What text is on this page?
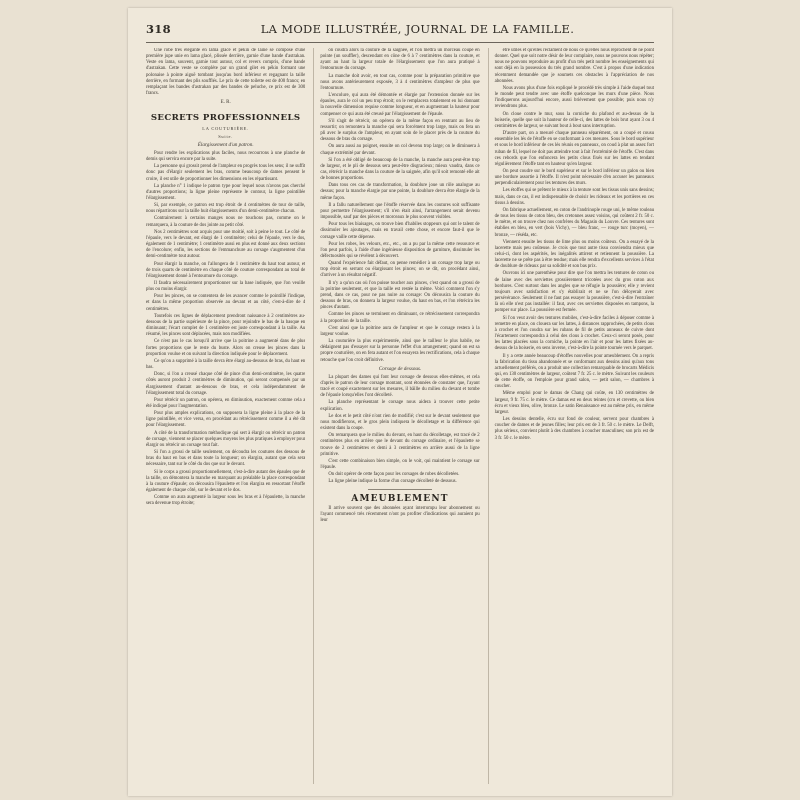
318	LA MODE ILLUSTRÉE, JOURNAL DE LA FAMILLE.

Une robe très élégante en lama glacé et pékin de laine se compose d'une première jupe unie en lama glacé, plissée derrière, garnie d'une bande d'astrakan. Veste en lama, souvent, garnie tout autour, col et revers compris, d'une bande d'astrakan. Cette veste se complète par un grand gilet en pékin formant une polonaise à pointe aiguë tombant jusqu'au bord inférieur et regagnant la taille derrière, en formant des plis soufflés. Le prix de cette toilette est de 400 francs; en remplaçant les bandes d'astrakan par des bandes de peluche, ce prix est de 300 francs.

E. R.
SECRETS PROFESSIONNELS
LA COUTURIÈRE.
Suite.
Élargissement d'un patron.

Pour rendre les explications plus faciles, nous recourrons à une planche de demis qui servira encore par la suite.

La personne qui grossit prend de l'ampleur en progrès tous les sens; il ne suffit donc pas d'élargir seulement les bras, comme beaucoup de dames pensent le croire, il est utile de proportionner les dimensions en les répartissant.

La planche n° 1 indique le patron type pour lequel nous n'avons pas cherché d'autres proportions; la ligne pleine représente le contour, la ligne pointillée l'élargissement.

Si, par exemple, ce patron est trop étroit de 4 centimètres de tour de taille, nous répartirons sur la taille huit élargissements d'un demi-centimètre chacun.

Contrairement à certains manges nous ne touchons pas, comme on le remarquera, à la couture de dos jointe au petit côté.

Nos 2 centimètres sont acquis pour une moitié, soit à peine le tout. Le côté de l'épaule, vers le devant, est élargi de 1 centimètre; celui de l'épaule, vers le dos, également de 1 centimètre; 1 centimètre aussi en plus est donné aux deux sections de l'encolure; enfin, les sections de l'emmanchure au corsage s'augmentent d'un demi-centimètre tout autour.

Pour élargir la manche, on l'allongera de 1 centimètre du haut tout autour, et de trois quarts de centimètre en chaque côté de couture correspondant au total de l'élargissement donné à l'entournure du corsage.

Il faudra nécessairement proportionner sur la base indiquée, que l'on veuille plus ou moins élargir.

Pour les pinces, on se contentera de les avancer comme le pointillé l'indique, et dans la même proportion observée au devant et au côté, c'est-à-dire de 4 centimètres.

Toutefois ces lignes de déplacement prendront naissance à 2 centimètres au-dessous de la partie supérieure de la pince, pour rejoindre le bas de la basque en diminuant; l'écart complet de 1 centimètre est juste correspondant à la taille. Au résumé, les pinces sont déplacées, mais non modifiées.

Ce n'est pas le cas lorsqu'il arrive que la poitrine a augmenté dans de plus fortes proportions que le reste du buste. Alors on creuse les pinces dans la proportion voulue et on suivant la direction indiquée pour le déplacement.

Ce qu'on a supprimé à la taille devra être élargi au-dessous de bras, du haut en bas.

Donc, si l'on a creusé chaque côté de pince d'un demi-centimètre, les quatre côtés auront produit 2 centimètres de diminution, qui seront compensés par un élargissement d'autant au-dessous de bras, et cela indépendamment de l'élargissement total du corsage.

Pour rétrécir un patron, on opérera, en diminution, exactement comme cela a été indiqué pour l'augmentation.

Pour plus amples explications, on supposera la ligne pleine à la place de la ligne pointillée, et vice versa, en procédant au rétrécissement comme il a été dit pour l'élargissement.

A côté de la transformation méthodique qui sert à élargir ou rétrécir un patron de corsage, viennent se placer quelques moyens les plus pratiques à employer pour élargir ou rétrécir un corsage tout fait.

Si l'on a grossi de taille seulement, on découdra les coutures des dessous de bras du haut en bas et dans toute la longueur; on élargira, autant que cela sera nécessaire, tant sur le côté du dos que sur le devant.

Si le corps a grossi proportionnellement, c'est-à-dire autant des épaules que de la taille, on démontera la manche en marquant au préalable la place correspondant à la couture d'épaule; on décousira l'épaulette et l'on élargira en ressortant l'étoffe également de chaque côté, sur le devant et le dos.

Comme on aura augmenté la largeur sous les bras et à l'épaulette, la manche sera devenue trop étroite;

on coudra alors la couture de la saignée, et l'on mettra un morceau coupé en pointe (un souffler), descendant en cône de 6 à 7 centimètres dans la couture, et ayant au haut la largeur totale de l'élargissement que l'on aura pratiqué à l'entournure du corsage.

La manche doit avoir, en tout cas, comme pour la préparation primitive que nous avons antérieurement exposée, 3 à 4 centimètres d'ampleur de plus que l'entournure.

L'encolure, qui aura été démontée et élargie par l'extension donnée sur les épaules, aura le col un peu trop étroit; on le remplacera totalement en lui donnant la nouvelle dimension requise comme longueur, et en augmentant la hauteur pour compenser ce qui aura été creusé par l'élargissement de l'épaule.

S'il s'agit de rétrécir, on opérera de la même façon en rentrant au lieu de ressortir; on remontera la manche qui sera forcément trop large, mais on fera un pli avec le surplus de l'ampleur, en ayant soin de le placer près de la couture du dessous de bras du corsage.

On aura aussi au poignet, ensuite on col devenu trop large; on le diminuera à chaque extrémité par devant.

Si l'on a été obligé de beaucoup de la manche, la manche aura peut-être trop de largeur, et le pli de dessous sera peut-être disgracieux; mieux vaudra, dans ce cas, rétrécir la manche dans la couture de la saignée, afin qu'il soit remonté elle ait de bonnes proportions.

Dans tous ces cas de transformation, la doublure joue un rôle analogue au dessus; pour la manche élargie par une pointe, la doublure devra être élargie de la même façon.

Il a fallu naturellement que l'étoffe réservée dans les coutures soit suffisante pour permettre l'élargissement; s'il n'en était ainsi, l'arrangement serait devenu impossible, sauf par des pièces et morceaux le plus souvent visibles.

Pour tous les biaisages, on trouve bien d'habiles stoppeurs qui ont le talent de dissimuler les ajoutages, mais en travail cette chose, et encore faut-il que le corsage vaille cette dépense.

Pour les robes, les velours, etc., etc., on a pu par la même cette ressource et l'on peut parfois, à l'aide d'une ingénieuse disposition de garniture, dissimuler les défectuosités qui se révèlent à découvert.

Quand l'expérience fait défaut, on pense remédier à un corsage trop large ou trop étroit en serrant ou élargissant les pinces; on se dit, on procédant ainsi, d'arriver à un résultat négatif.

Il n'y a qu'un cas où l'on puisse toucher aux pinces, c'est quand on a grossi de la poitrine seulement, et que la taille est restée la même. Voici comment l'on s'y prend, dans ce cas, pour ne pas nuire au corsage: On décousira la couture du dessous de bras, on donnera la largeur voulue, du haut en bas, et l'on rétrécira les pinces d'autant.

Comme les pinces se terminent en diminuant, ce rétrécissement correspondra à la proportion de la taille.

C'est ainsi que la poitrine aura de l'ampleur et que le corsage restera à la largeur voulue.

La couturière la plus expérimentée, ainsi que le tailleur le plus habile, ne dédaignent pas d'essayer sur la personne l'effet d'un arrangement; quand on est sa propre couturière, on en fera autant et l'on essayera les rectifications, cela à chaque retouche que l'on croit définitive.

Corsage de dessous.

La plupart des dames qui font leur corsage de dessous elles-mêmes, et cela d'après le patron de leur corsage montant, sont étonnées de constater que, l'ayant tracé et coupé exactement sur les mesures, il bâille du milieu du devant et tombe de l'épaule lorsqu'elles l'ont décolleté.

La planche représentant le corsage nous aidera à trouver cette petite explication.

Le dos et le petit côté n'ont rien de modifié; c'est sur le devant seulement que nous modifierons, et le gros plein indiquera le décolletage et la différence qui existent dans la coupe.

On remarquera que le milieu du devant, en haut du décolletage, est tracé de 2 centimètres plus en arrière que le devant du corsage ordinaire, et l'épaulette se trouve de 2 centimètres et demi à 3 centimètres en arrière aussi de la ligne primitive.

C'est cette combinaison bien simple, on le voit, qui maintient le corsage sur l'épaule.

On doit opérer de cette façon pour les corsages de robes décolletées.

La ligne pleine indique la forme d'un corsage décolleté de dessous.

AMEUBLEMENT

Il arrive souvent que des abonnées ayant interrompu leur abonnement ou l'ayant commencé très récemment n'ont pu profiter d'indications qui auraient pu leur

être utiles et qu'elles réclament de nous ce qu'elles nous reprochent de ne point donner. Quel que soit notre désir de leur complaire, nous ne pouvons nous répéter; nous ne pouvons reproduire au profit d'un très petit nombre les enseignements qui sont déjà en la possession du très grand nombre. C'est à propos d'une indication récemment demandée que je soumets ces obstacles à l'appréciation de nos abonnées.

Nous avons plus d'une fois expliqué le procédé très simple à l'aide duquel tout le monde peut tendre avec une étoffe quelconque les murs d'une pièce. Nous l'indiquerons aujourd'hui encore, aussi brièvement que possible; puis nous n'y reviendrons plus.

On cloue contre le mur, sous la corniche du plafond et au-dessus de la boiserie, quelle que soit la hauteur de celle-ci, des lattes de bois brut ayant 3 ou 4 centimètres de largeur, se suivant bout à bout sans interruption.

D'autre part, on a mesuré chaque panneau séparément, on a coupé et cousu ensemble les lés de l'étoffe en se conformant à ces mesures. Sous le bord supérieur et sous le bord inférieur de ces lés réunis en panneaux, on coud à plat un assez fort ruban de fil, lequel ne doit pas atteindre tout à fait l'extrémité de l'étoffe. C'est dans ces rebords que l'on enfoncera les petits clous fixés sur les lattes en tendant régulièrement l'étoffe tant en hauteur qu'en largeur.

On peut coudre sur le bord supérieur et sur le bord inférieur un galon ou bien une bordure assortie à l'étoffe. Il n'est point nécessaire d'en accuser les panneaux perpendiculairement pour les tentures des murs.

Les étoffes qui se prêtent le mieux à la tenture sont les tissus unis sans dessins; mais, dans ce cas, il est indispensable de choisir les rideaux et les portières en ces tissus à dessins.

On fabrique actuellement, en coton de l'andrinople rouge uni, le même rouleau de tous les tissus de coton bleu, des cretonnes assez voisins, qui coûtent 2 fr. 50 c. le mètre, et on trouve chez nos confrères du Magasin du Louvre. Ces tentures sont établies en bleu, en vert (bois Vichy), — bleu franc, — rouge turc (moyen), — bronze, — réséda, etc.

Viennent ensuite les tissus de lime plus ou moins coûteux. On a essayé de la lacerette mais peu coûteuse. Je crois que tout autre tissu conviendra mieux que celui-ci, dont les aspérités, les inégalités attirent et retiennent la poussière. La lacerette ne se prête pas à être tendue; mais elle rendra d'excellents services à l'état de doublure de rideaux par sa solidité et son bas prix.

Ouvrons ici une parenthèse pour dire que l'on mettra les tentures de coton ou de laine avec des serviettes grossièrement tricotées avec du gros coton aux bordures. C'est surtout dans les angles que se réfugie la poussière; elle y revient toujours avec satisfaction et s'y établirait et ne se l'on déloyerait avec persévérance. Seulement il ne faut pas essayer la poussière, c'est-à-dire l'entraîner là où elle n'est pas installée: il faut, avec ces serviettes disposées en tampons, la pomper sur place. La poussière est fermée.

Si l'on veut avoir des tentures mobiles, c'est-à-dire faciles à déposer comme à remettre en place, on clouera sur les lattes, à distances rapprochées, de petits clous à crochet et l'on coudra sur les rubans de fil de petits anneaux de cuivre dont l'écartement correspondra à celui des clous à crochet. Ceux-ci seront posés, pour les lattes placées sous la corniche, la pointe en l'air et pour les lattes fixées au-dessus de la boiserie, en sens inverse, c'est-à-dire la pointe tournée vers le parquet.

Il y a cette année beaucoup d'étoffes nouvelles pour ameublement. On a repris la fabrication du tissu abandonnée et se conformant aux dessins ainsi qu'aux tons actuellement préférés, on a produit une collection remarquable de brocarts Médicis qui, en 130 centimètres de largeur, coûtent 7 fr. 25 c. le mètre. Suivant les couleurs de cette étoffe, on l'emploie pour grand salon, — petit salon, — chambres à coucher.

Même emploi pour le damas de Chang qui coûte, en 130 centimètres de largeur, 9 fr. 75 c. le mètre. Ce damas est en deux teintes (cru et crevette, ou bien écru et vieux bleu, olive, bronze. Le satin Renaissance est au même prix, en même largeur.

Les dessins dentelle, écru sur fond de couleur, servent pour chambres à coucher de dames et de jeunes filles; leur prix est de 3 fr. 50 c. le mètre. Le Delft, plus sérieux, convient plutôt à des chambres à coucher masculines; son prix est de 3 fr. 50 c. le mètre.
